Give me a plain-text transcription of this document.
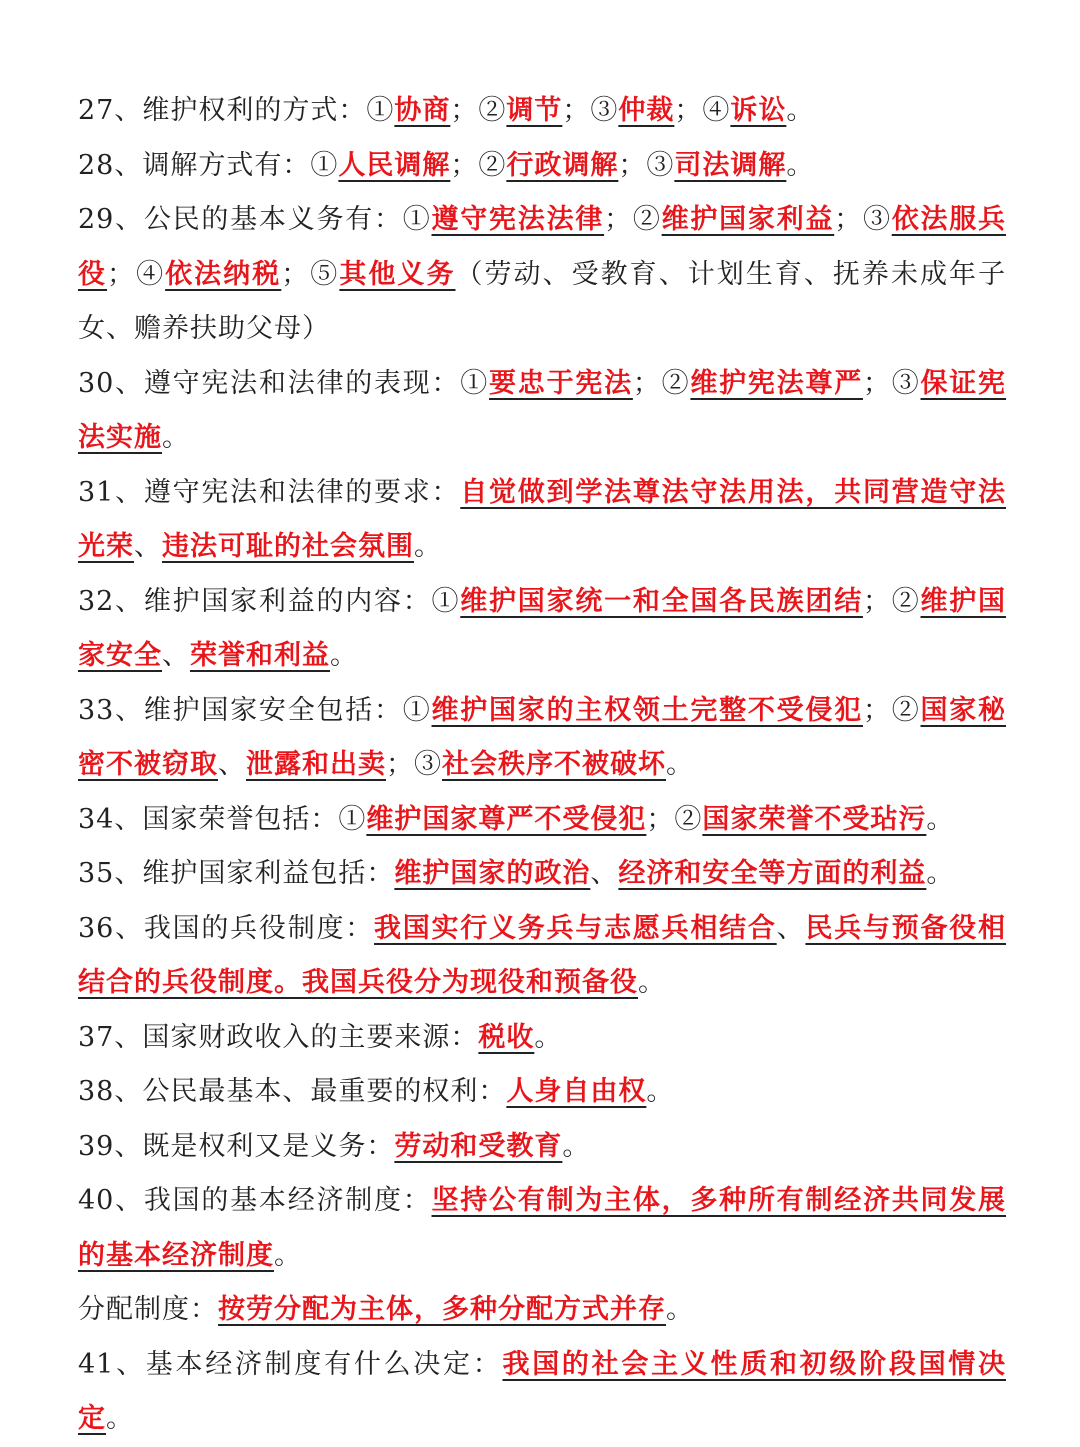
27、维护权利的方式：①协商；②调节；③仲裁；④诉讼。

28、调解方式有：①人民调解；②行政调解；③司法调解。

29、公民的基本义务有：①遵守宪法法律；②维护国家利益；③依法服兵役；④依法纳税；⑤其他义务（劳动、受教育、计划生育、抚养未成年子女、赡养扶助父母）

30、遵守宪法和法律的表现：①要忠于宪法；②维护宪法尊严；③保证宪法实施。

31、遵守宪法和法律的要求：自觉做到学法尊法守法用法，共同营造守法光荣、违法可耻的社会氛围。

32、维护国家利益的内容：①维护国家统一和全国各民族团结；②维护国家安全、荣誉和利益。

33、维护国家安全包括：①维护国家的主权领土完整不受侵犯；②国家秘密不被窃取、泄露和出卖；③社会秩序不被破坏。

34、国家荣誉包括：①维护国家尊严不受侵犯；②国家荣誉不受玷污。

35、维护国家利益包括：维护国家的政治、经济和安全等方面的利益。

36、我国的兵役制度：我国实行义务兵与志愿兵相结合、民兵与预备役相结合的兵役制度。我国兵役分为现役和预备役。

37、国家财政收入的主要来源：税收。

38、公民最基本、最重要的权利：人身自由权。

39、既是权利又是义务：劳动和受教育。

40、我国的基本经济制度：坚持公有制为主体，多种所有制经济共同发展的基本经济制度。

分配制度：按劳分配为主体，多种分配方式并存。

41、基本经济制度有什么决定：我国的社会主义性质和初级阶段国情决定。
